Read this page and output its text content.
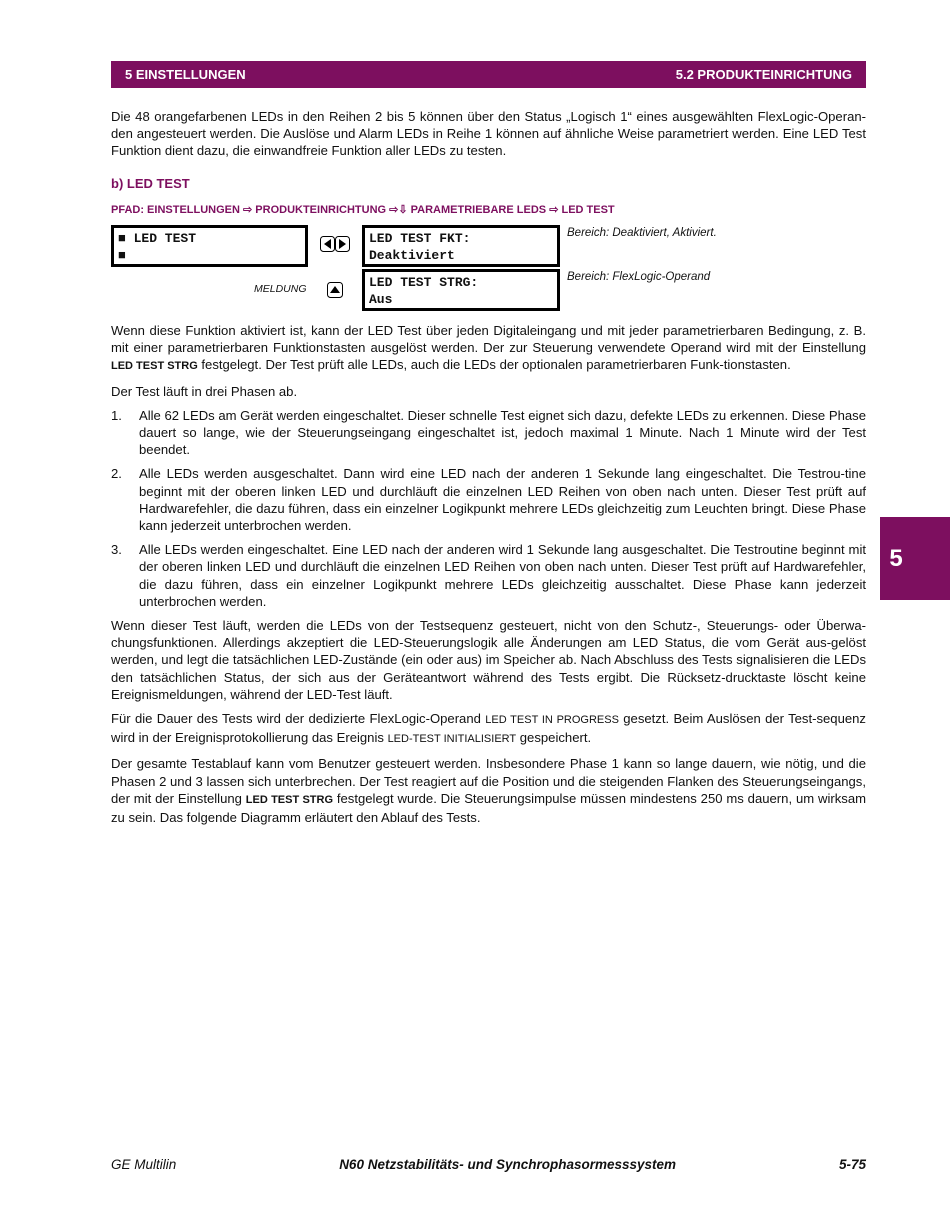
5 EINSTELLUNGEN	5.2 PRODUKTEINRICHTUNG
5

Die 48 orangefarbenen LEDs in den Reihen 2 bis 5 können über den Status „Logisch 1“ eines ausgewählten FlexLogic-Operan-den angesteuert werden. Die Auslöse und Alarm LEDs in Reihe 1 können auf ähnliche Weise parametriert werden. Eine LED Test Funktion dient dazu, die einwandfreie Funktion aller LEDs zu testen.

b) LED TEST
PFAD: EINSTELLUNGEN ⇨ PRODUKTEINRICHTUNG ⇨⇩ PARAMETRIEBARE LEDS ⇨ LED TEST
■ LED TEST
■
LED TEST FKT:
Deaktiviert
Bereich: Deaktiviert, Aktiviert.
MELDUNG	LED TEST STRG:
Aus
Bereich: FlexLogic-Operand

Wenn diese Funktion aktiviert ist, kann der LED Test über jeden Digitaleingang und mit jeder parametrierbaren Bedingung, z. B. mit einer parametrierbaren Funktionstasten ausgelöst werden. Der zur Steuerung verwendete Operand wird mit der Einstellung LED TEST STRG festgelegt. Der Test prüft alle LEDs, auch die LEDs der optionalen parametrierbaren Funk-tionstasten.

Der Test läuft in drei Phasen ab.

1. Alle 62 LEDs am Gerät werden eingeschaltet. Dieser schnelle Test eignet sich dazu, defekte LEDs zu erkennen. Diese Phase dauert so lange, wie der Steuerungseingang eingeschaltet ist, jedoch maximal 1 Minute. Nach 1 Minute wird der Test beendet.
2. Alle LEDs werden ausgeschaltet. Dann wird eine LED nach der anderen 1 Sekunde lang eingeschaltet. Die Testrou-tine beginnt mit der oberen linken LED und durchläuft die einzelnen LED Reihen von oben nach unten. Dieser Test prüft auf Hardwarefehler, die dazu führen, dass ein einzelner Logikpunkt mehrere LEDs gleichzeitig zum Leuchten bringt. Diese Phase kann jederzeit unterbrochen werden.
3. Alle LEDs werden eingeschaltet. Eine LED nach der anderen wird 1 Sekunde lang ausgeschaltet. Die Testroutine beginnt mit der oberen linken LED und durchläuft die einzelnen LED Reihen von oben nach unten. Dieser Test prüft auf Hardwarefehler, die dazu führen, dass ein einzelner Logikpunkt mehrere LEDs gleichzeitig ausschaltet. Diese Phase kann jederzeit unterbrochen werden.

Wenn dieser Test läuft, werden die LEDs von der Testsequenz gesteuert, nicht von den Schutz-, Steuerungs- oder Überwa-chungsfunktionen. Allerdings akzeptiert die LED-Steuerungslogik alle Änderungen am LED Status, die vom Gerät aus-gelöst werden, und legt die tatsächlichen LED-Zustände (ein oder aus) im Speicher ab. Nach Abschluss des Tests signalisieren die LEDs den tatsächlichen Status, der sich aus der Geräteantwort während des Tests ergibt. Die Rücksetz-drucktaste löscht keine Ereignismeldungen, während der LED-Test läuft.

Für die Dauer des Tests wird der dedizierte FlexLogic-Operand LED TEST IN PROGRESS gesetzt. Beim Auslösen der Test-sequenz wird in der Ereignisprotokollierung das Ereignis LED-TEST INITIALISIERT gespeichert.

Der gesamte Testablauf kann vom Benutzer gesteuert werden. Insbesondere Phase 1 kann so lange dauern, wie nötig, und die Phasen 2 und 3 lassen sich unterbrechen. Der Test reagiert auf die Position und die steigenden Flanken des Steuerungseingangs, der mit der Einstellung LED TEST STRG festgelegt wurde. Die Steuerungsimpulse müssen mindestens 250 ms dauern, um wirksam zu sein. Das folgende Diagramm erläutert den Ablauf des Tests.

GE Multilin	N60 Netzstabilitäts- und Synchrophasormesssystem	5-75
